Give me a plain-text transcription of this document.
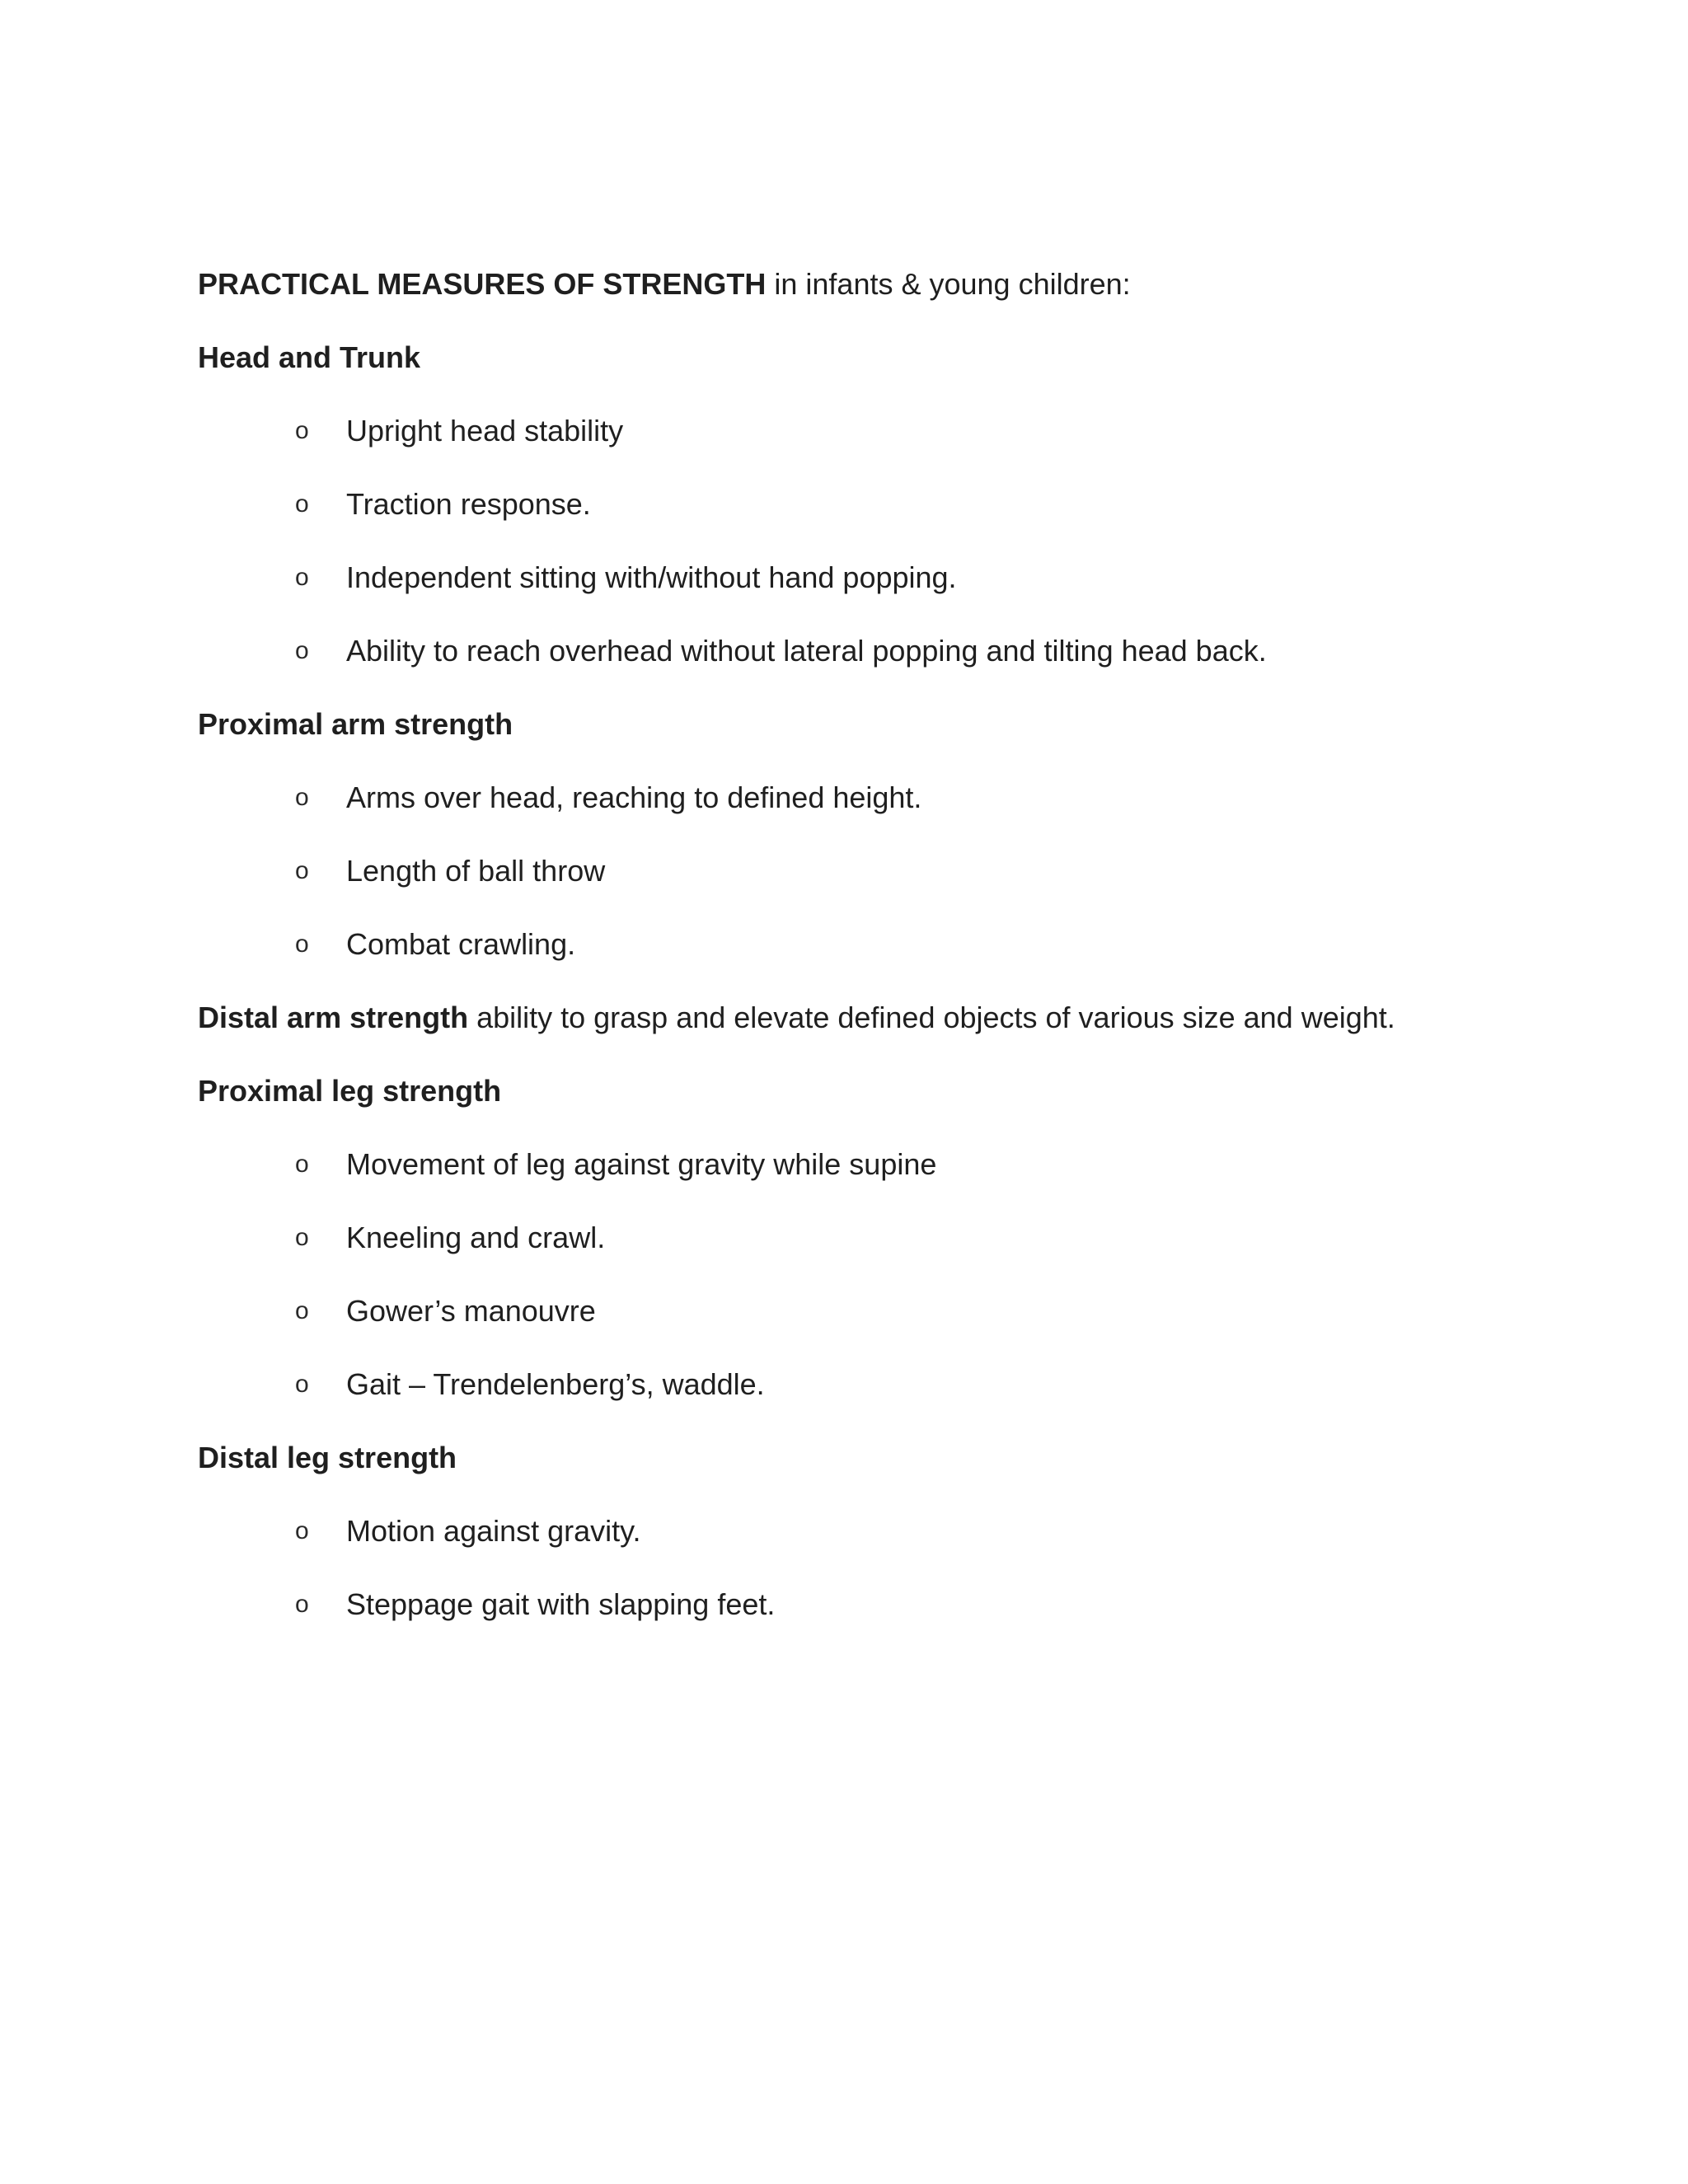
PRACTICAL MEASURES OF STRENGTH in infants & young children:

Head and Trunk

o Upright head stability
o Traction response.
o Independent sitting with/without hand popping.
o Ability to reach overhead without lateral popping and tilting head back.

Proximal arm strength

o Arms over head, reaching to defined height.
o Length of ball throw
o Combat crawling.

Distal arm strength ability to grasp and elevate defined objects of various size and weight.

Proximal leg strength

o Movement of leg against gravity while supine
o Kneeling and crawl.
o Gower’s manouvre
o Gait – Trendelenberg’s, waddle.

Distal leg strength

o Motion against gravity.
o Steppage gait with slapping feet.
